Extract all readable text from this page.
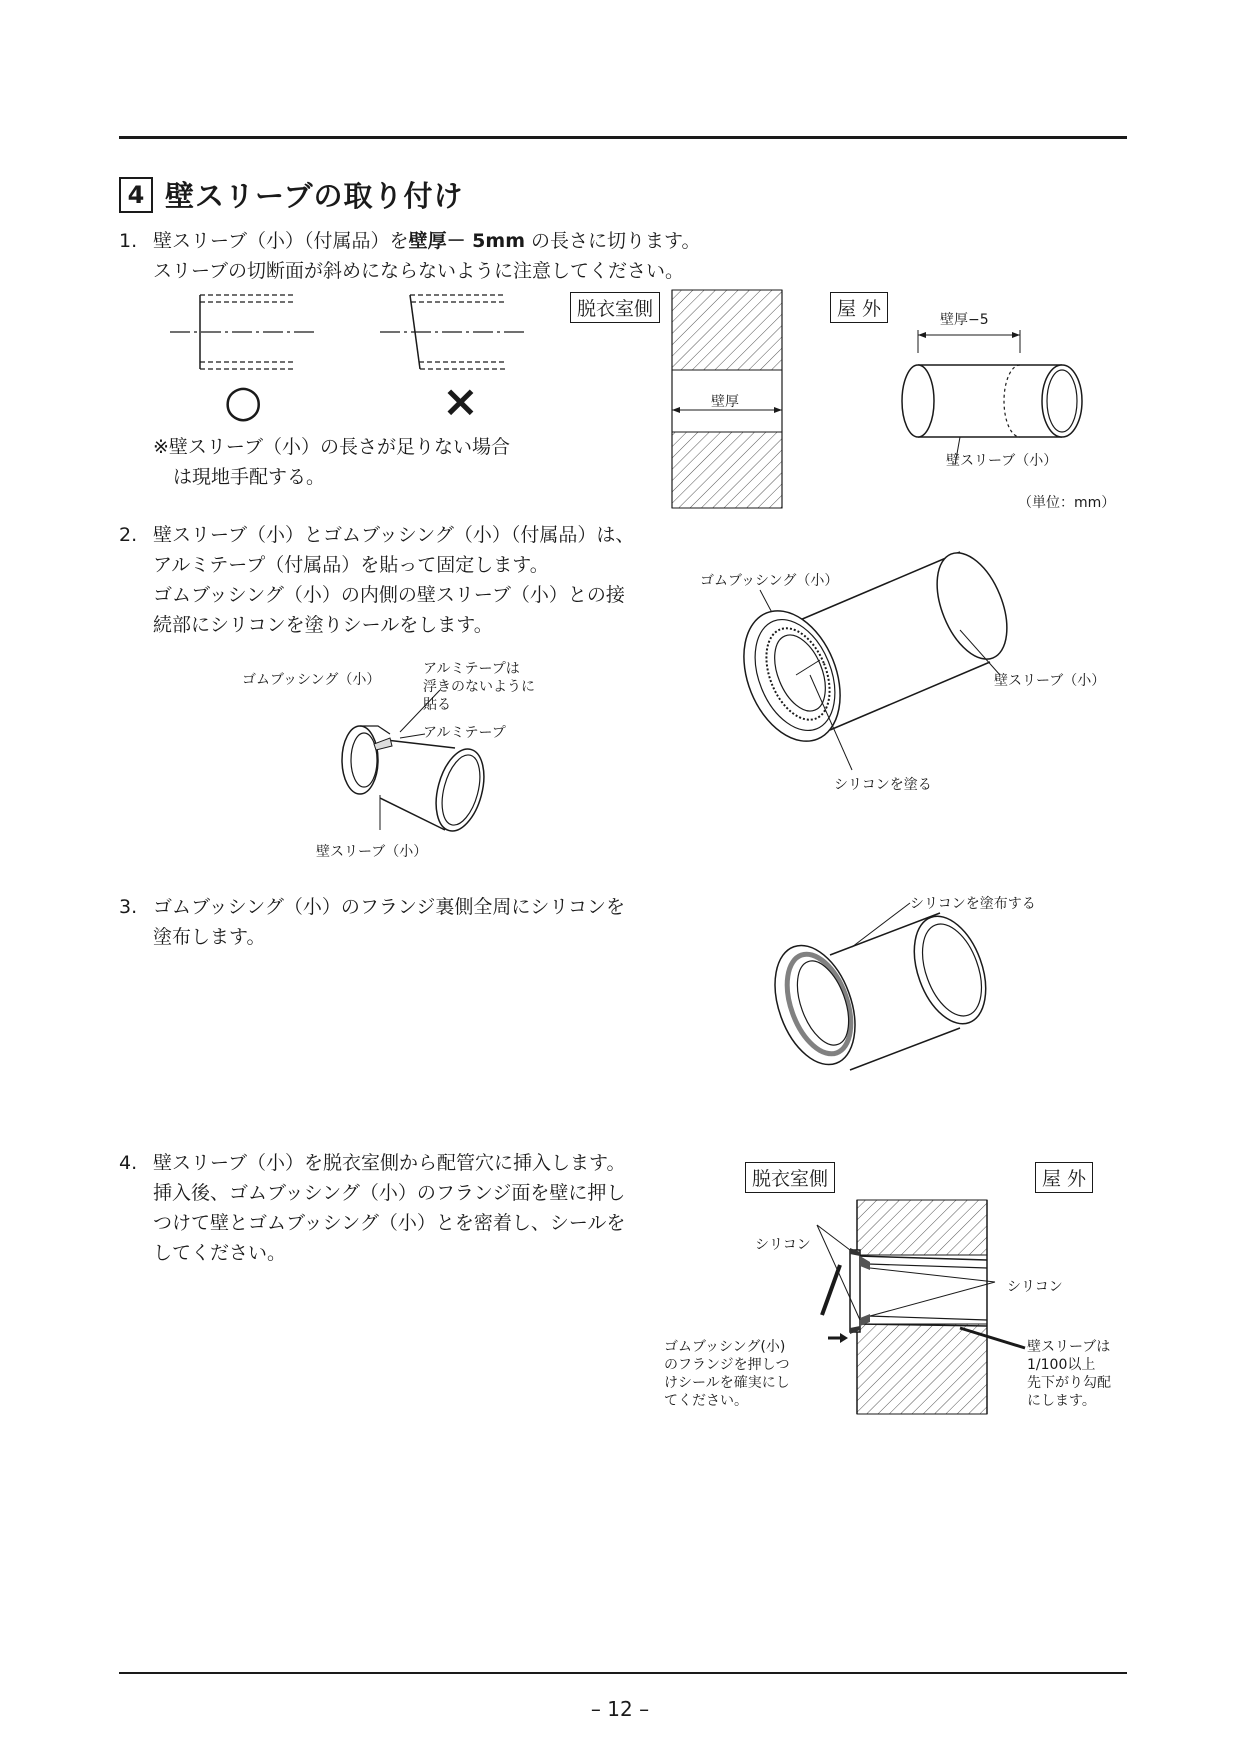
4 壁スリーブの取り付け
1. 壁スリーブ（小）（付属品）を壁厚－ 5mm の長さに切ります。
スリーブの切断面が斜めにならないように注意してください。
○	×
※壁スリーブ（小）の長さが足りない場合
は現地手配する。
脱衣室側
壁厚
屋 外	壁厚−5
壁スリーブ（小）
（単位：mm）
2. 壁スリーブ（小）とゴムブッシング（小）（付属品）は、
アルミテープ（付属品）を貼って固定します。
ゴムブッシング（小）の内側の壁スリーブ（小）との接
続部にシリコンを塗りシールをします。
ゴムブッシング（小）
アルミテープは
浮きのないように
貼る
アルミテープ
壁スリーブ（小）
ゴムブッシング（小）
壁スリーブ（小）
シリコンを塗る
3. ゴムブッシング（小）のフランジ裏側全周にシリコンを
塗布します。
シリコンを塗布する
4. 壁スリーブ（小）を脱衣室側から配管穴に挿入します。
挿入後、ゴムブッシング（小）のフランジ面を壁に押し
つけて壁とゴムブッシング（小）とを密着し、シールを
してください。
脱衣室側	屋 外
シリコン
シリコン
ゴムブッシング(小)
のフランジを押しつ
けシールを確実にし
てください。
壁スリーブは
1/100以上
先下がり勾配
にします。
– 12 –
